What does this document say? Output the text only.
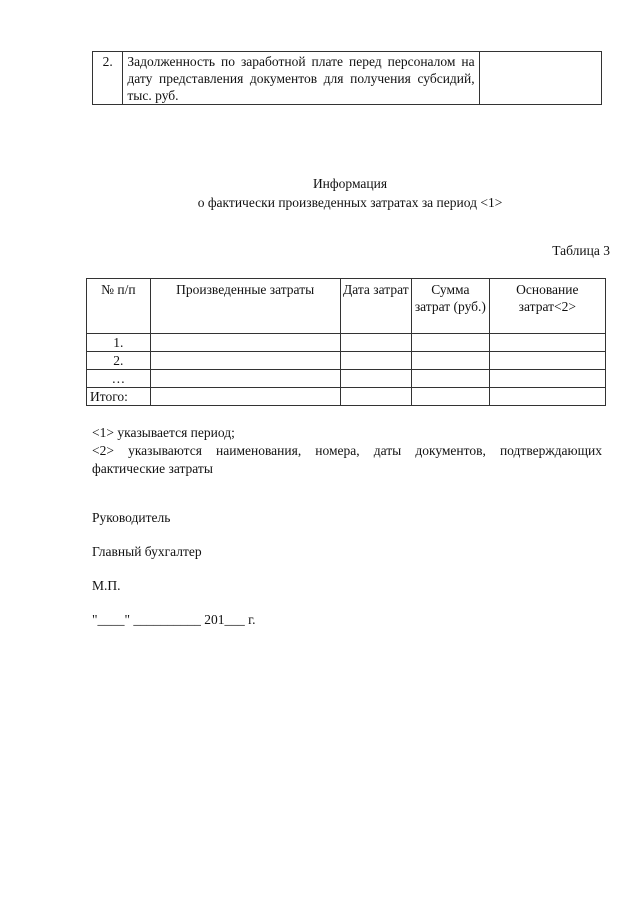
2.	Задолженность по заработной плате перед персоналом на дату представления документов для получения субсидий, тыс. руб.	
Информация
о фактически произведенных затратах за период <1>
Таблица 3
№ п/п	Произведенные затраты	Дата затрат	Сумма затрат (руб.)	Основание затрат<2>
1.				
2.				
…				
Итого:				

<1> указывается период;

<2> указываются наименования, номера, даты документов, подтверждающих фактические затраты

Руководитель
Главный бухгалтер
М.П.
"____" __________ 201___ г.
